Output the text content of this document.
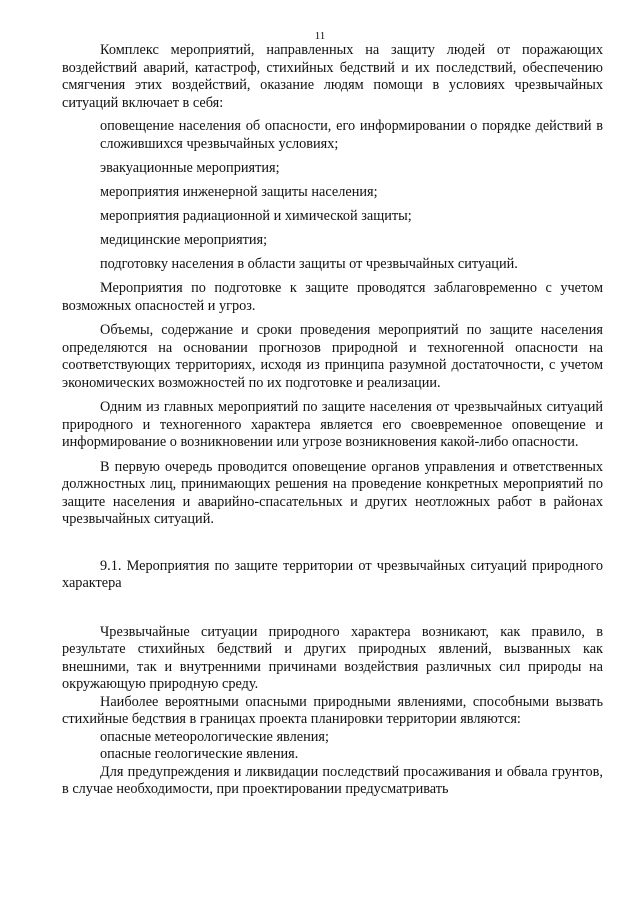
11

Комплекс мероприятий, направленных на защиту людей от поражающих воздействий аварий, катастроф, стихийных бедствий и их последствий, обеспечению смягчения этих воздействий, оказание людям помощи в условиях чрезвычайных ситуаций включает в себя:

оповещение населения об опасности, его информировании о порядке действий в сложившихся чрезвычайных условиях;
эвакуационные мероприятия;
мероприятия инженерной защиты населения;
мероприятия радиационной и химической защиты;
медицинские мероприятия;
подготовку населения в области защиты от чрезвычайных ситуаций.

Мероприятия по подготовке к защите проводятся заблаговременно с учетом возможных опасностей и угроз.

Объемы, содержание и сроки проведения мероприятий по защите населения определяются на основании прогнозов природной и техногенной опасности на соответствующих территориях, исходя из принципа разумной достаточности, с учетом экономических возможностей по их подготовке и реализации.

Одним из главных мероприятий по защите населения от чрезвычайных ситуаций природного и техногенного характера является его своевременное оповещение и информирование о возникновении или угрозе возникновения какой-либо опасности.

В первую очередь проводится оповещение органов управления и ответственных должностных лиц, принимающих решения на проведение конкретных мероприятий по защите населения и аварийно-спасательных и других неотложных работ в районах чрезвычайных ситуаций.

9.1. Мероприятия по защите территории от чрезвычайных ситуаций природного характера

Чрезвычайные ситуации природного характера возникают, как правило, в результате стихийных бедствий и других природных явлений, вызванных как внешними, так и внутренними причинами воздействия различных сил природы на окружающую природную среду.

Наиболее вероятными опасными природными явлениями, способными вызвать стихийные бедствия в границах проекта планировки территории являются:

опасные метеорологические явления;

опасные геологические явления.

Для предупреждения и ликвидации последствий просаживания и обвала грунтов, в случае необходимости, при проектировании предусматривать
